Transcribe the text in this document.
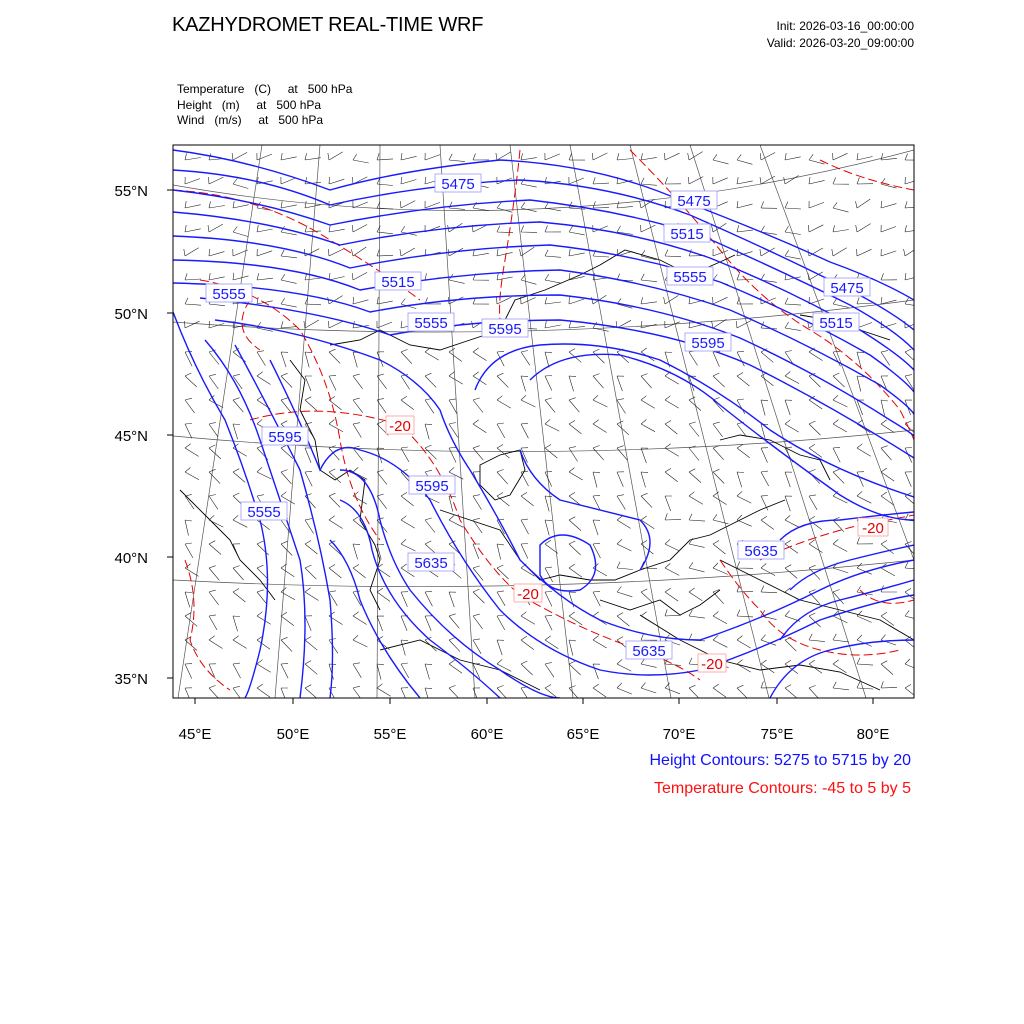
KAZHYDROMET REAL-TIME WRF	Init: 2026-03-16_00:00:00
Valid: 2026-03-20_09:00:00
Temperature   (C)     at   500 hPa
Height   (m)     at   500 hPa
Wind   (m/s)     at   500 hPa
55°N
50°N
45°N
40°N
35°N
45°E	50°E	55°E	60°E	65°E	70°E	75°E	80°E
5475
5475
5515
5515
5555
5555	5595
5555
5475
5515
5595
5595
5595
5555
5635
5635
5635
-20
-20
-20
-20
Height Contours: 5275 to 5715 by 20
Temperature Contours: -45 to 5 by 5
